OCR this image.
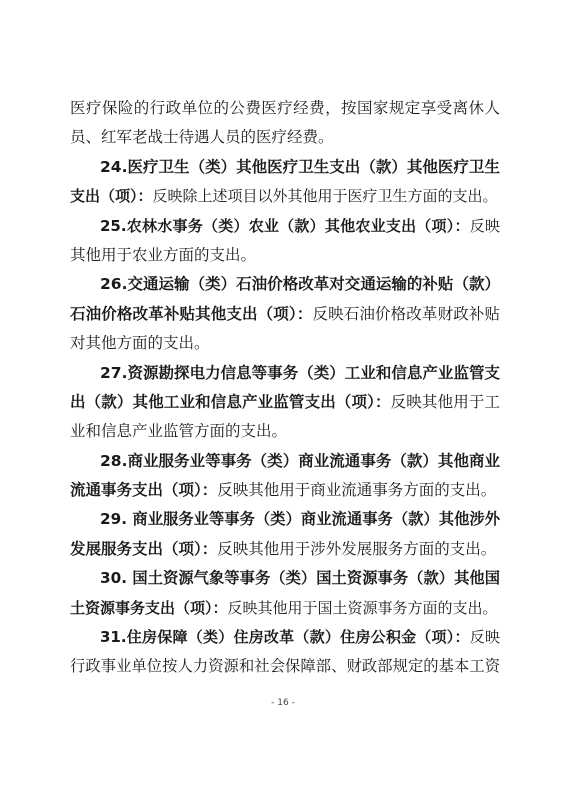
医疗保险的行政单位的公费医疗经费，按国家规定享受离休人
员、红军老战士待遇人员的医疗经费。
24.医疗卫生（类）其他医疗卫生支出（款）其他医疗卫生
支出（项）：反映除上述项目以外其他用于医疗卫生方面的支出。
25.农林水事务（类）农业（款）其他农业支出（项）：反映
其他用于农业方面的支出。
26.交通运输（类）石油价格改革对交通运输的补贴（款）
石油价格改革补贴其他支出（项）：反映石油价格改革财政补贴
对其他方面的支出。
27.资源勘探电力信息等事务（类）工业和信息产业监管支
出（款）其他工业和信息产业监管支出（项）：反映其他用于工
业和信息产业监管方面的支出。
28.商业服务业等事务（类）商业流通事务（款）其他商业
流通事务支出（项）：反映其他用于商业流通事务方面的支出。
29. 商业服务业等事务（类）商业流通事务（款）其他涉外
发展服务支出（项）：反映其他用于涉外发展服务方面的支出。
30. 国土资源气象等事务（类）国土资源事务（款）其他国
土资源事务支出（项）：反映其他用于国土资源事务方面的支出。
31.住房保障（类）住房改革（款）住房公积金（项）：反映
行政事业单位按人力资源和社会保障部、财政部规定的基本工资
- 16 -
